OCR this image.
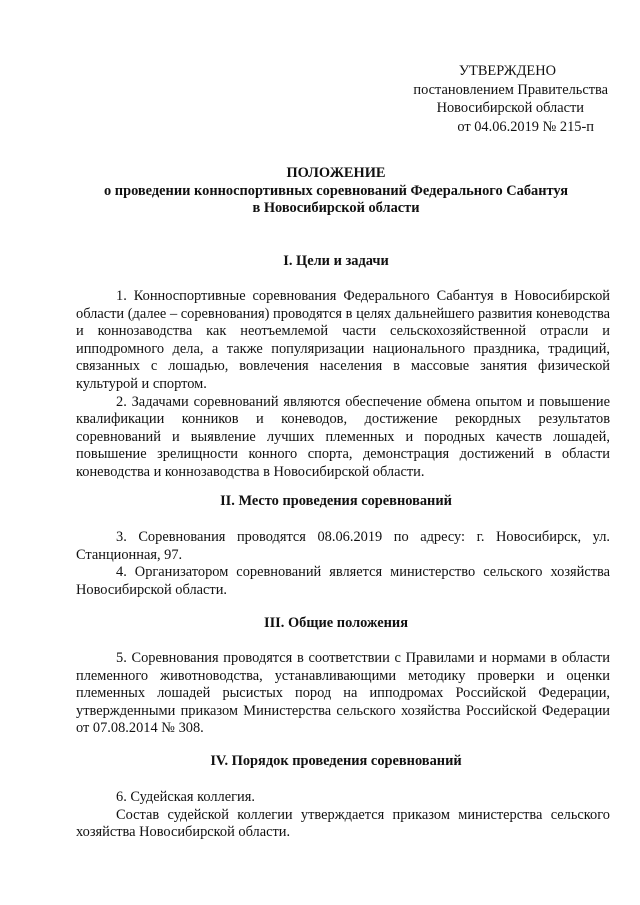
УТВЕРЖДЕНО
постановлением Правительства
Новосибирской области
от 04.06.2019 № 215-п
ПОЛОЖЕНИЕ
о проведении конноспортивных соревнований Федерального Сабантуя
в Новосибирской области
I. Цели и задачи

1. Конноспортивные соревнования Федерального Сабантуя в Новосибирской области (далее – соревнования) проводятся в целях дальнейшего развития коневодства и коннозаводства как неотъемлемой части сельскохозяйственной отрасли и ипподромного дела, а также популяризации национального праздника, традиций, связанных с лошадью, вовлечения населения в массовые занятия физической культурой и спортом.

2. Задачами соревнований являются обеспечение обмена опытом и повышение квалификации конников и коневодов, достижение рекордных результатов соревнований и выявление лучших племенных и породных качеств лошадей, повышение зрелищности конного спорта, демонстрация достижений в области коневодства и коннозаводства в Новосибирской области.

II. Место проведения соревнований

3. Соревнования проводятся 08.06.2019 по адресу: г. Новосибирск, ул. Станционная, 97.

4. Организатором соревнований является министерство сельского хозяйства Новосибирской области.

III. Общие положения

5. Соревнования проводятся в соответствии с Правилами и нормами в области племенного животноводства, устанавливающими методику проверки и оценки племенных лошадей рысистых пород на ипподромах Российской Федерации, утвержденными приказом Министерства сельского хозяйства Российской Федерации от 07.08.2014 № 308.

IV. Порядок проведения соревнований

6. Судейская коллегия.

Состав судейской коллегии утверждается приказом министерства сельского хозяйства Новосибирской области.
